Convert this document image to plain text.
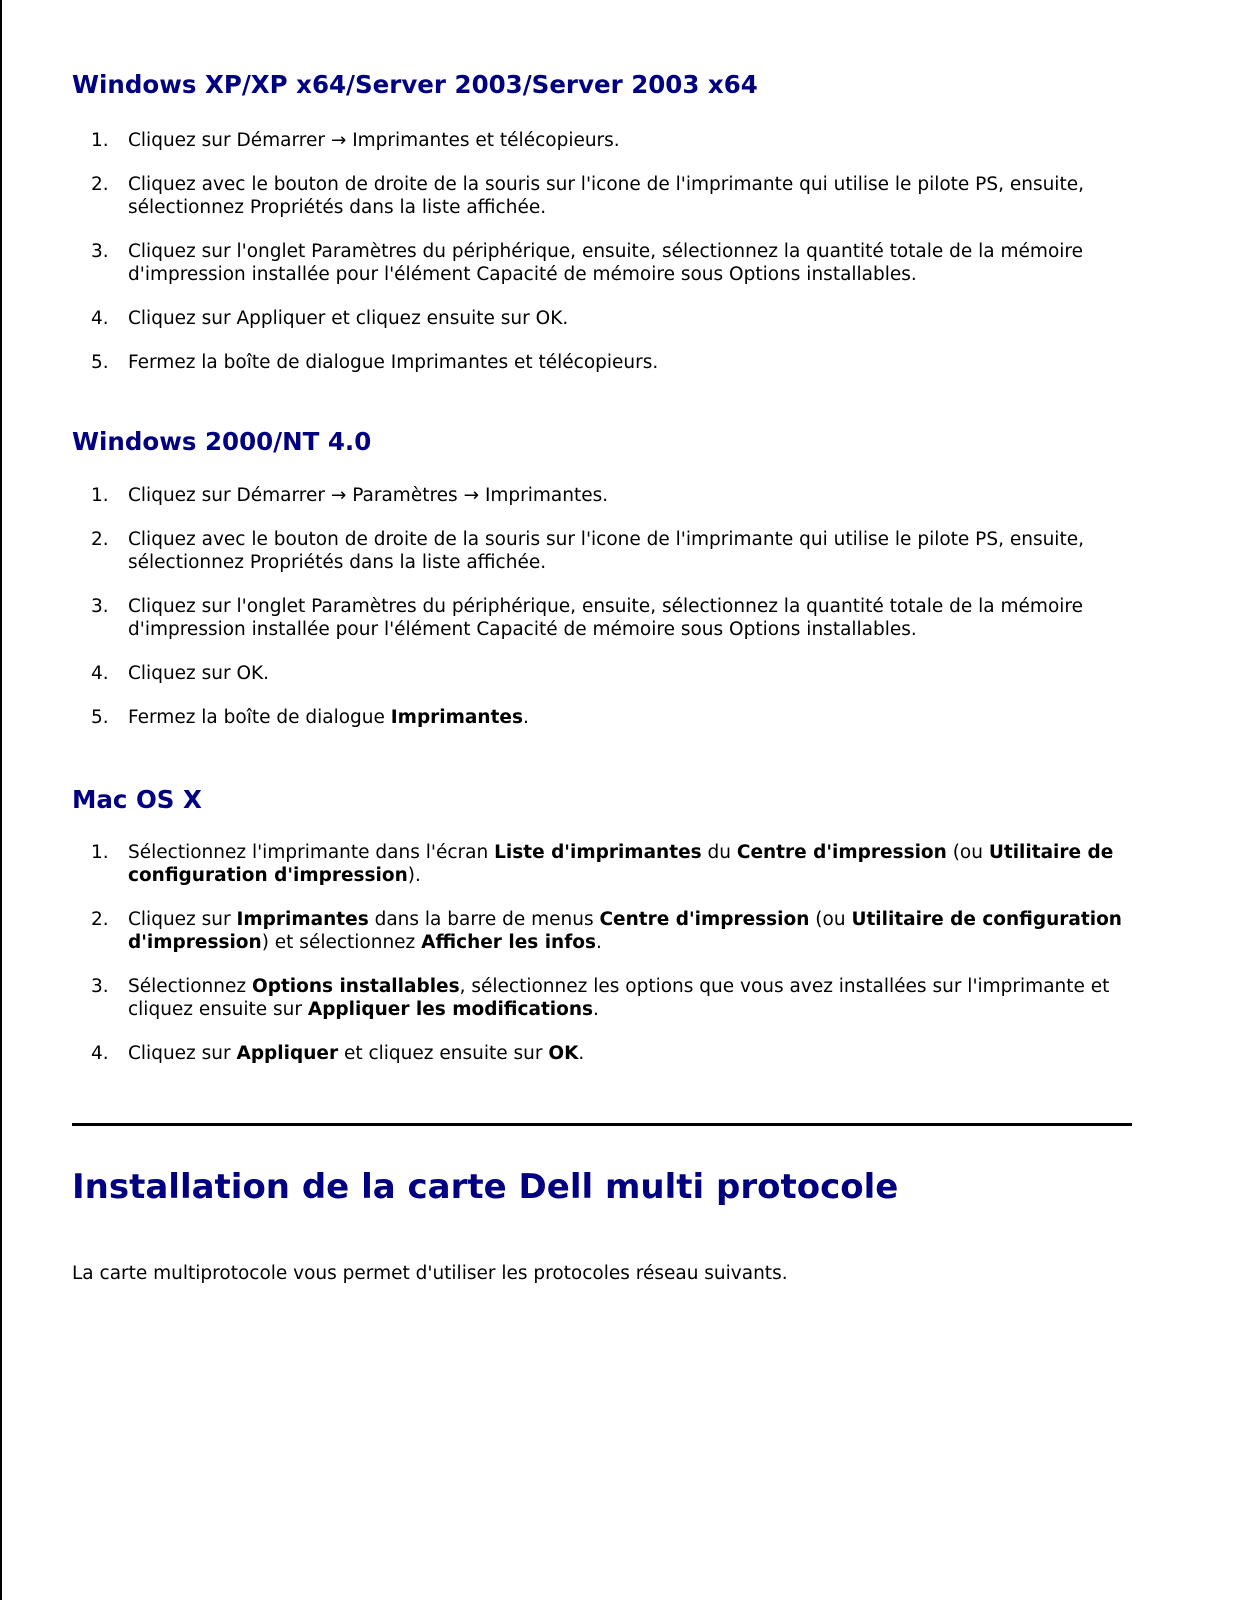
Windows XP/XP x64/Server 2003/Server 2003 x64
1. Cliquez sur Démarrer → Imprimantes et télécopieurs.
2. Cliquez avec le bouton de droite de la souris sur l'icone de l'imprimante qui utilise le pilote PS, ensuite, sélectionnez Propriétés dans la liste affichée.
3. Cliquez sur l'onglet Paramètres du périphérique, ensuite, sélectionnez la quantité totale de la mémoire d'impression installée pour l'élément Capacité de mémoire sous Options installables.
4. Cliquez sur Appliquer et cliquez ensuite sur OK.
5. Fermez la boîte de dialogue Imprimantes et télécopieurs.
Windows 2000/NT 4.0
1. Cliquez sur Démarrer → Paramètres → Imprimantes.
2. Cliquez avec le bouton de droite de la souris sur l'icone de l'imprimante qui utilise le pilote PS, ensuite, sélectionnez Propriétés dans la liste affichée.
3. Cliquez sur l'onglet Paramètres du périphérique, ensuite, sélectionnez la quantité totale de la mémoire d'impression installée pour l'élément Capacité de mémoire sous Options installables.
4. Cliquez sur OK.
5. Fermez la boîte de dialogue Imprimantes.
Mac OS X
1. Sélectionnez l'imprimante dans l'écran Liste d'imprimantes du Centre d'impression (ou Utilitaire de configuration d'impression).
2. Cliquez sur Imprimantes dans la barre de menus Centre d'impression (ou Utilitaire de configuration d'impression) et sélectionnez Afficher les infos.
3. Sélectionnez Options installables, sélectionnez les options que vous avez installées sur l'imprimante et cliquez ensuite sur Appliquer les modifications.
4. Cliquez sur Appliquer et cliquez ensuite sur OK.
Installation de la carte Dell multi protocole

La carte multiprotocole vous permet d'utiliser les protocoles réseau suivants.
